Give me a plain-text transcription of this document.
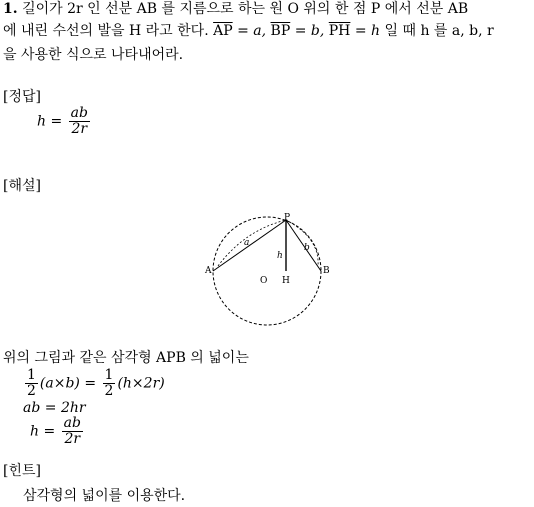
1. 길이가 2r 인 선분 AB 를 지름으로 하는 원 O 위의 한 점 P 에서 선분 AB
에 내린 수선의 발을 H 라고 한다. $\overline{AP} = a$, $\overline{BP} = b$, $\overline{PH} = h$ 일 때 h 를 a, b, r
을 사용한 식으로 나타내어라.
[정답]
$h = \frac{ab}{2r}$
[해설]
P
A	B
O H
a	b
h
위의 그림과 같은 삼각형 APB 의 넓이는
$\frac{1}{2} (a\times b) = \frac{1}{2} (h\times 2r)$
ab = 2hr
$h = \frac{ab}{2r}$
[힌트]
삼각형의 넓이를 이용한다.
